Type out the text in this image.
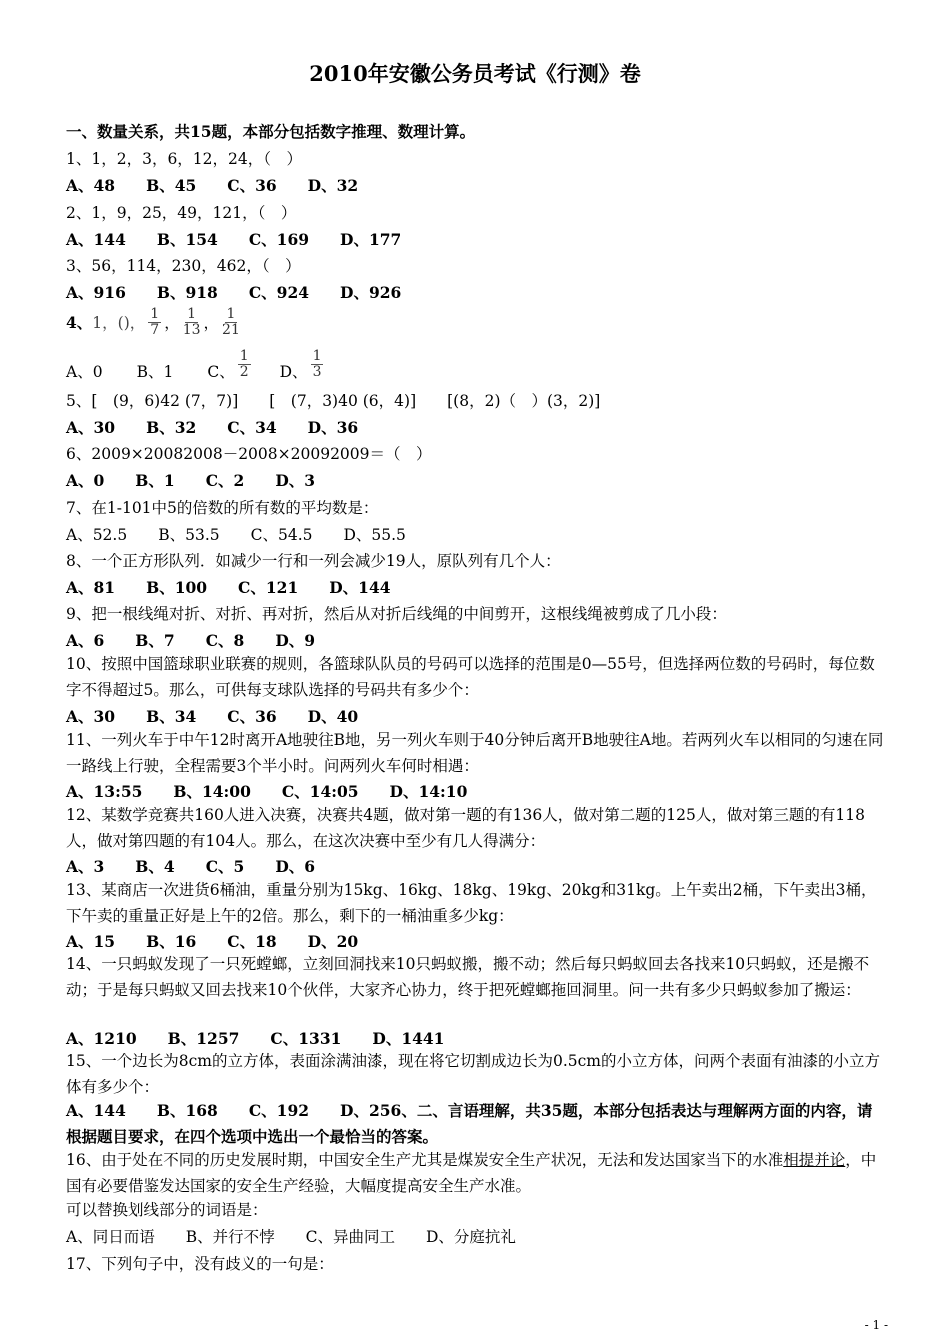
2010年安徽公务员考试《行测》卷
一、数量关系，共15题，本部分包括数字推理、数理计算。
1、1，2，3，6，12，24，（　）
A、48　　B、45　　C、36　　D、32
2、1，9，25，49，121，（　）
A、144　　B、154　　C、169　　D、177
3、56，114，230，462，（　）
A、916　　B、918　　C、924　　D、926
4、 1，()， $\frac{1}{7}$ ， $\frac{1}{13}$ ， $\frac{1}{21}$
A、0 B、1 C、 $\frac{1}{2}$ D、 $\frac{1}{3}$
5、[　(9，6)42 (7，7)]　　[　(7，3)40 (6，4)]　　[(8，2)（　）(3，2)]
A、30　　B、32　　C、34　　D、36
6、2009×20082008－2008×20092009＝（　）
A、0　　B、1　　C、2　　D、3
7、在1-101中5的倍数的所有数的平均数是：
A、52.5　　B、53.5　　C、54.5　　D、55.5
8、一个正方形队列．如减少一行和一列会减少19人，原队列有几个人：
A、81　　B、100　　C、121　　D、144
9、把一根线绳对折、对折、再对折，然后从对折后线绳的中间剪开，这根线绳被剪成了几小段：
A、6　　B、7　　C、8　　D、9
10、按照中国篮球职业联赛的规则，各篮球队队员的号码可以选择的范围是0—55号，但选择两位数的号码时，每位数字不得超过5。那么，可供每支球队选择的号码共有多少个：
A、30　　B、34　　C、36　　D、40
11、一列火车于中午12时离开A地驶往B地，另一列火车则于40分钟后离开B地驶往A地。若两列火车以相同的匀速在同一路线上行驶，全程需要3个半小时。问两列火车何时相遇：
A、13:55　　B、14:00　　C、14:05　　D、14:10
12、某数学竞赛共160人进入决赛，决赛共4题，做对第一题的有136人，做对第二题的125人，做对第三题的有118人，做对第四题的有104人。那么，在这次决赛中至少有几人得满分：
A、3　　B、4　　C、5　　D、6
13、某商店一次进货6桶油，重量分别为15kg、16kg、18kg、19kg、20kg和31kg。上午卖出2桶，下午卖出3桶，下午卖的重量正好是上午的2倍。那么，剩下的一桶油重多少kg：
A、15　　B、16　　C、18　　D、20
14、一只蚂蚁发现了一只死螳螂，立刻回洞找来10只蚂蚁搬，搬不动；然后每只蚂蚁回去各找来10只蚂蚁，还是搬不动；于是每只蚂蚁又回去找来10个伙伴，大家齐心协力，终于把死螳螂拖回洞里。问一共有多少只蚂蚁参加了搬运：
A、1210　　B、1257　　C、1331　　D、1441
15、一个边长为8cm的立方体，表面涂满油漆，现在将它切割成边长为0.5cm的小立方体，问两个表面有油漆的小立方体有多少个：
A、144　　B、168　　C、192　　D、256、二、言语理解，共35题，本部分包括表达与理解两方面的内容，请根据题目要求，在四个选项中选出一个最恰当的答案。
16、由于处在不同的历史发展时期，中国安全生产尤其是煤炭安全生产状况，无法和发达国家当下的水准相提并论，中国有必要借鉴发达国家的安全生产经验，大幅度提高安全生产水准。
可以替换划线部分的词语是：
A、同日而语　　B、并行不悖　　C、异曲同工　　D、分庭抗礼
17、下列句子中，没有歧义的一句是：
- 1 -
